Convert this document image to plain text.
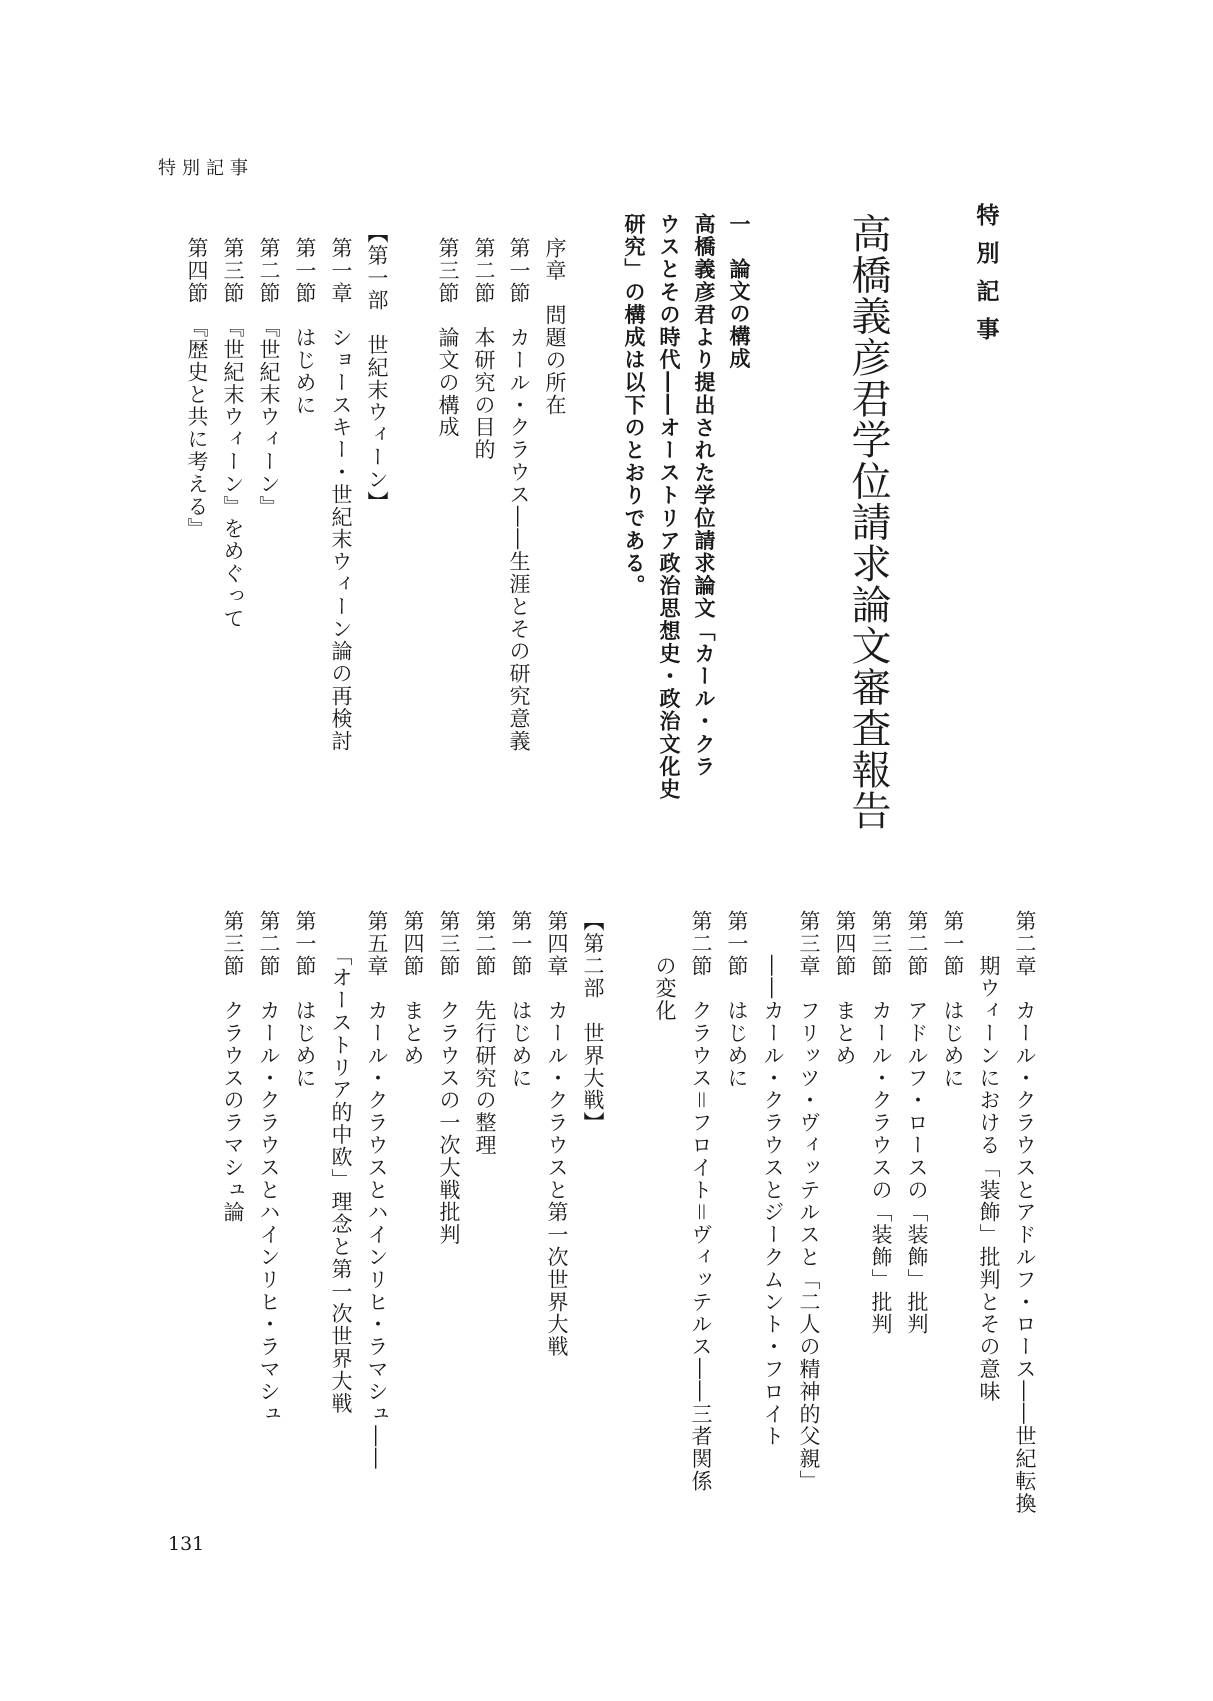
特別記事
特
別
記
事
高橋義彦君学位請求論文審査報告
一　論文の構成
高橋義彦君より提出された学位請求論文「カール・クラ
ウスとその時代――オーストリア政治思想史・政治文化史
研究」の構成は以下のとおりである。
序章　問題の所在
第一節　カール・クラウス――生涯とその研究意義
第二節　本研究の目的
第三節　論文の構成
【第一部　世紀末ウィーン】
第一章　ショースキー・世紀末ウィーン論の再検討
第一節　はじめに
第二節　『世紀末ウィーン』
第三節　『世紀末ウィーン』をめぐって
第四節　『歴史と共に考える』
第二章　カール・クラウスとアドルフ・ロース――世紀転換
　　期ウィーンにおける「装飾」批判とその意味
第一節　はじめに
第二節　アドルフ・ロースの「装飾」批判
第三節　カール・クラウスの「装飾」批判
第四節　まとめ
第三章　フリッツ・ヴィッテルスと「二人の精神的父親」
　　――カール・クラウスとジークムント・フロイト
第一節　はじめに
第二節　クラウス＝フロイト＝ヴィッテルス――三者関係
　　の変化
【第二部　世界大戦】
第四章　カール・クラウスと第一次世界大戦
第一節　はじめに
第二節　先行研究の整理
第三節　クラウスの一次大戦批判
第四節　まとめ
第五章　カール・クラウスとハインリヒ・ラマシュ――
　　「オーストリア的中欧」理念と第一次世界大戦
第一節　はじめに
第二節　カール・クラウスとハインリヒ・ラマシュ
第三節　クラウスのラマシュ論
131
